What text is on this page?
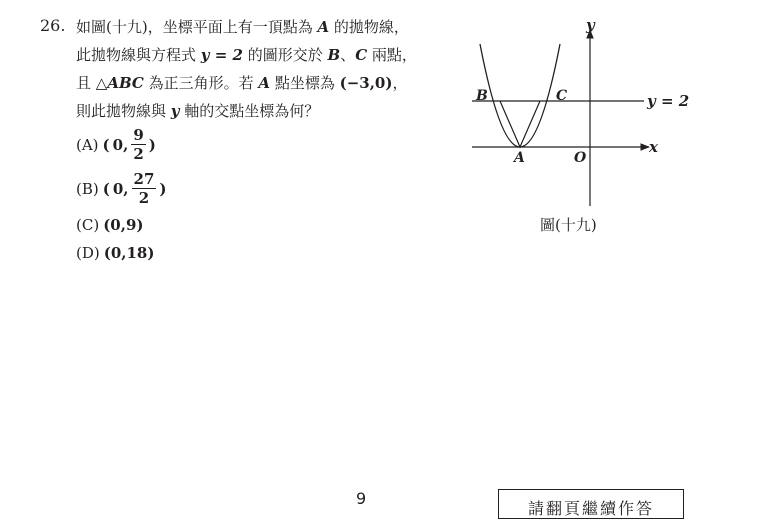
26. 如圖(十九)，坐標平面上有一頂點為 A 的拋物線，
此拋物線與方程式 y = 2 的圖形交於 B、C 兩點，
且 △ABC 為正三角形。若 A 點坐標為 (−3,0)，
則此拋物線與 y 軸的交點坐標為何？
(A) ( 0, $\frac{9}{2}$ )
(B) ( 0, $\frac{27}{2}$ )
(C) (0,9)
(D) (0,18)
y
x
y = 2
B	C
A	O
圖(十九)
9
請翻頁繼續作答
